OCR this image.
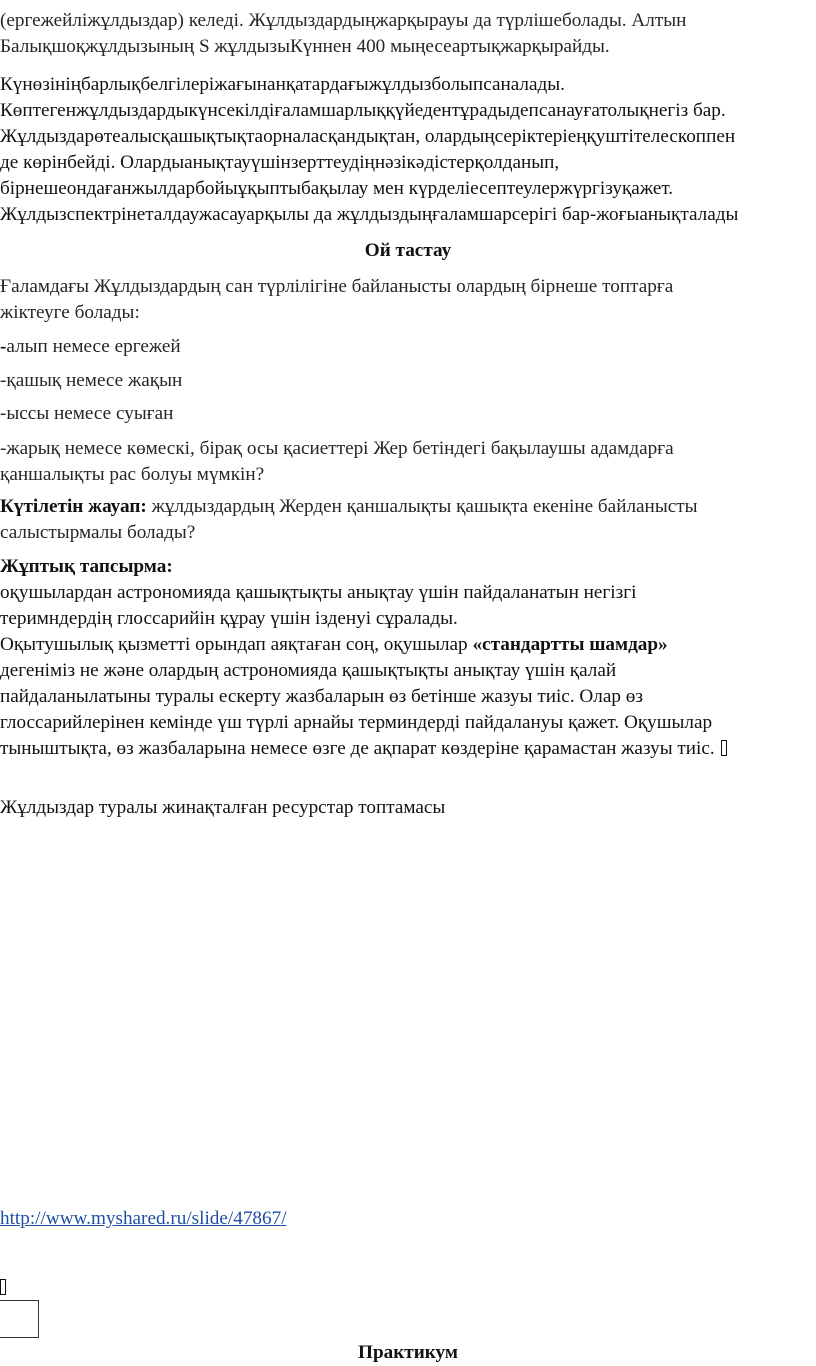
(ергежейліжұлдыздар) келеді. Жұлдыздардыңжарқырауы да түрлішеболады. Алтын
Балықшоқжұлдызының S жұлдызыКүннен 400 мыңесеартықжарқырайды.
Күнөзініңбарлықбелгілеріжағынанқатардағыжұлдызболыпсаналады.
Көптегенжұлдыздардыкүнсекілдіғаламшарлыққүйедентұрадыдепсанауғатолықнегіз бар.
Жұлдыздарөтеалысқашықтықтаорналасқандықтан, олардыңсеріктеріеңқуштітелескоппен
де көрінбейді. Олардыанықтауүшінзерттеудіңнәзікәдістерқолданып,
бірнешеондағанжылдарбойыұқыптыбақылау мен күрделіесептеулержүргізуқажет.
Жұлдызспектрінеталдаужасауарқылы да жұлдыздыңғаламшарсерігі бар-жоғыанықталады
Ой тастау
Ғаламдағы Жұлдыздардың сан түрлілігіне байланысты олардың бірнеше топтарға
жіктеуге болады:
-алып немесе ергежей
-қашық немесе жақын
-ыссы немесе суыған
-жарық немесе көмескі, бірақ осы қасиеттері Жер бетіндегі бақылаушы адамдарға
қаншалықты рас болуы мүмкін?
Күтілетін жауап: жұлдыздардың Жерден қаншалықты қашықта екеніне байланысты
салыстырмалы болады?
Жұптық тапсырма:
оқушылардан астрономияда қашықтықты анықтау үшін пайдаланатын негізгі
теримндердің глоссарийін құрау үшін ізденуі сұралады.
Оқытушылық қызметті орындап аяқтаған соң, оқушылар «стандартты шамдар»
дегеніміз не және олардың астрономияда қашықтықты анықтау үшін қалай
пайдаланылатыны туралы ескерту жазбаларын өз бетінше жазуы тиіс. Олар өз
глоссарийлерінен кемінде үш түрлі арнайы терминдерді пайдалануы қажет. Оқушылар
тыныштықта, өз жазбаларына немесе өзге де ақпарат көздеріне қарамастан жазуы тиіс.
Жұлдыздар туралы жинақталған ресурстар топтамасы
http://www.myshared.ru/slide/47867/
Практикум
